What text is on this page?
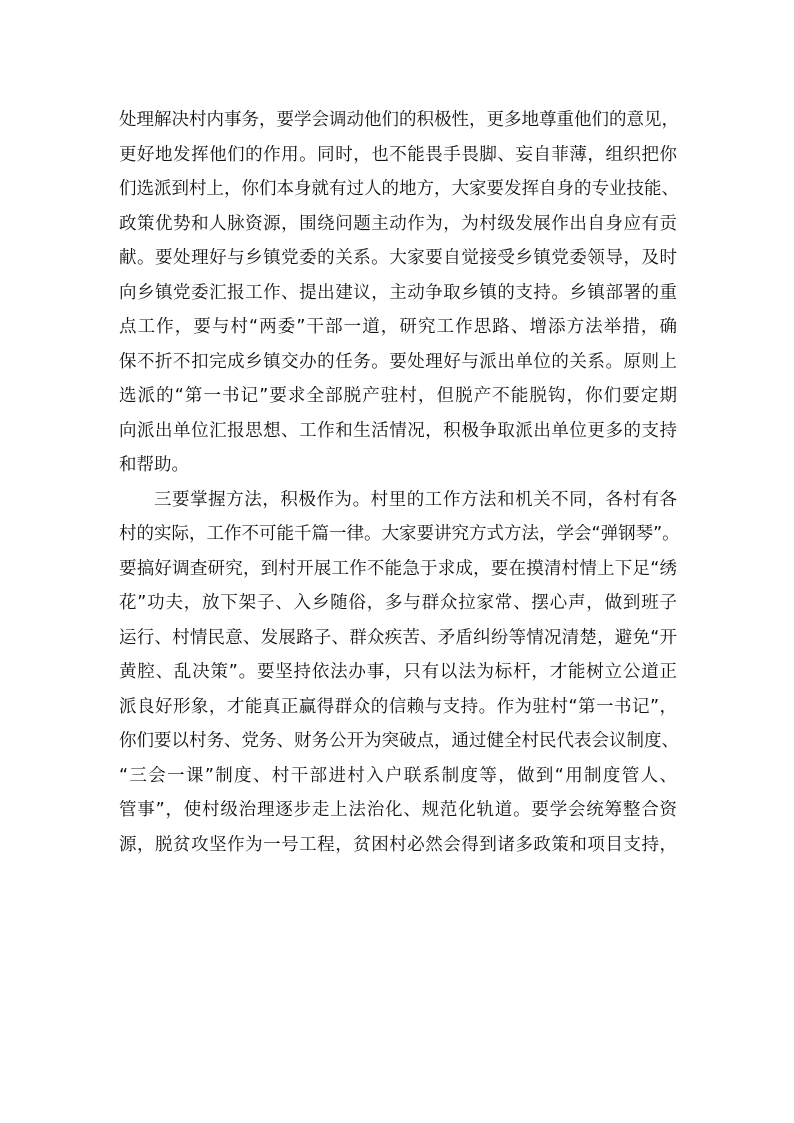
处理解决村内事务，要学会调动他们的积极性，更多地尊重他们的意见，
更好地发挥他们的作用。同时，也不能畏手畏脚、妄自菲薄，组织把你
们选派到村上，你们本身就有过人的地方，大家要发挥自身的专业技能、
政策优势和人脉资源，围绕问题主动作为，为村级发展作出自身应有贡
献。要处理好与乡镇党委的关系。大家要自觉接受乡镇党委领导，及时
向乡镇党委汇报工作、提出建议，主动争取乡镇的支持。乡镇部署的重
点工作，要与村“两委”干部一道，研究工作思路、增添方法举措，确
保不折不扣完成乡镇交办的任务。要处理好与派出单位的关系。原则上
选派的“第一书记”要求全部脱产驻村，但脱产不能脱钩，你们要定期
向派出单位汇报思想、工作和生活情况，积极争取派出单位更多的支持
和帮助。
三要掌握方法，积极作为。村里的工作方法和机关不同，各村有各
村的实际，工作不可能千篇一律。大家要讲究方式方法，学会“弹钢琴”。
要搞好调查研究，到村开展工作不能急于求成，要在摸清村情上下足“绣
花”功夫，放下架子、入乡随俗，多与群众拉家常、摆心声，做到班子
运行、村情民意、发展路子、群众疾苦、矛盾纠纷等情况清楚，避免“开
黄腔、乱决策”。要坚持依法办事，只有以法为标杆，才能树立公道正
派良好形象，才能真正赢得群众的信赖与支持。作为驻村“第一书记”，
你们要以村务、党务、财务公开为突破点，通过健全村民代表会议制度、
“三会一课”制度、村干部进村入户联系制度等，做到“用制度管人、
管事”，使村级治理逐步走上法治化、规范化轨道。要学会统筹整合资
源，脱贫攻坚作为一号工程，贫困村必然会得到诸多政策和项目支持，
